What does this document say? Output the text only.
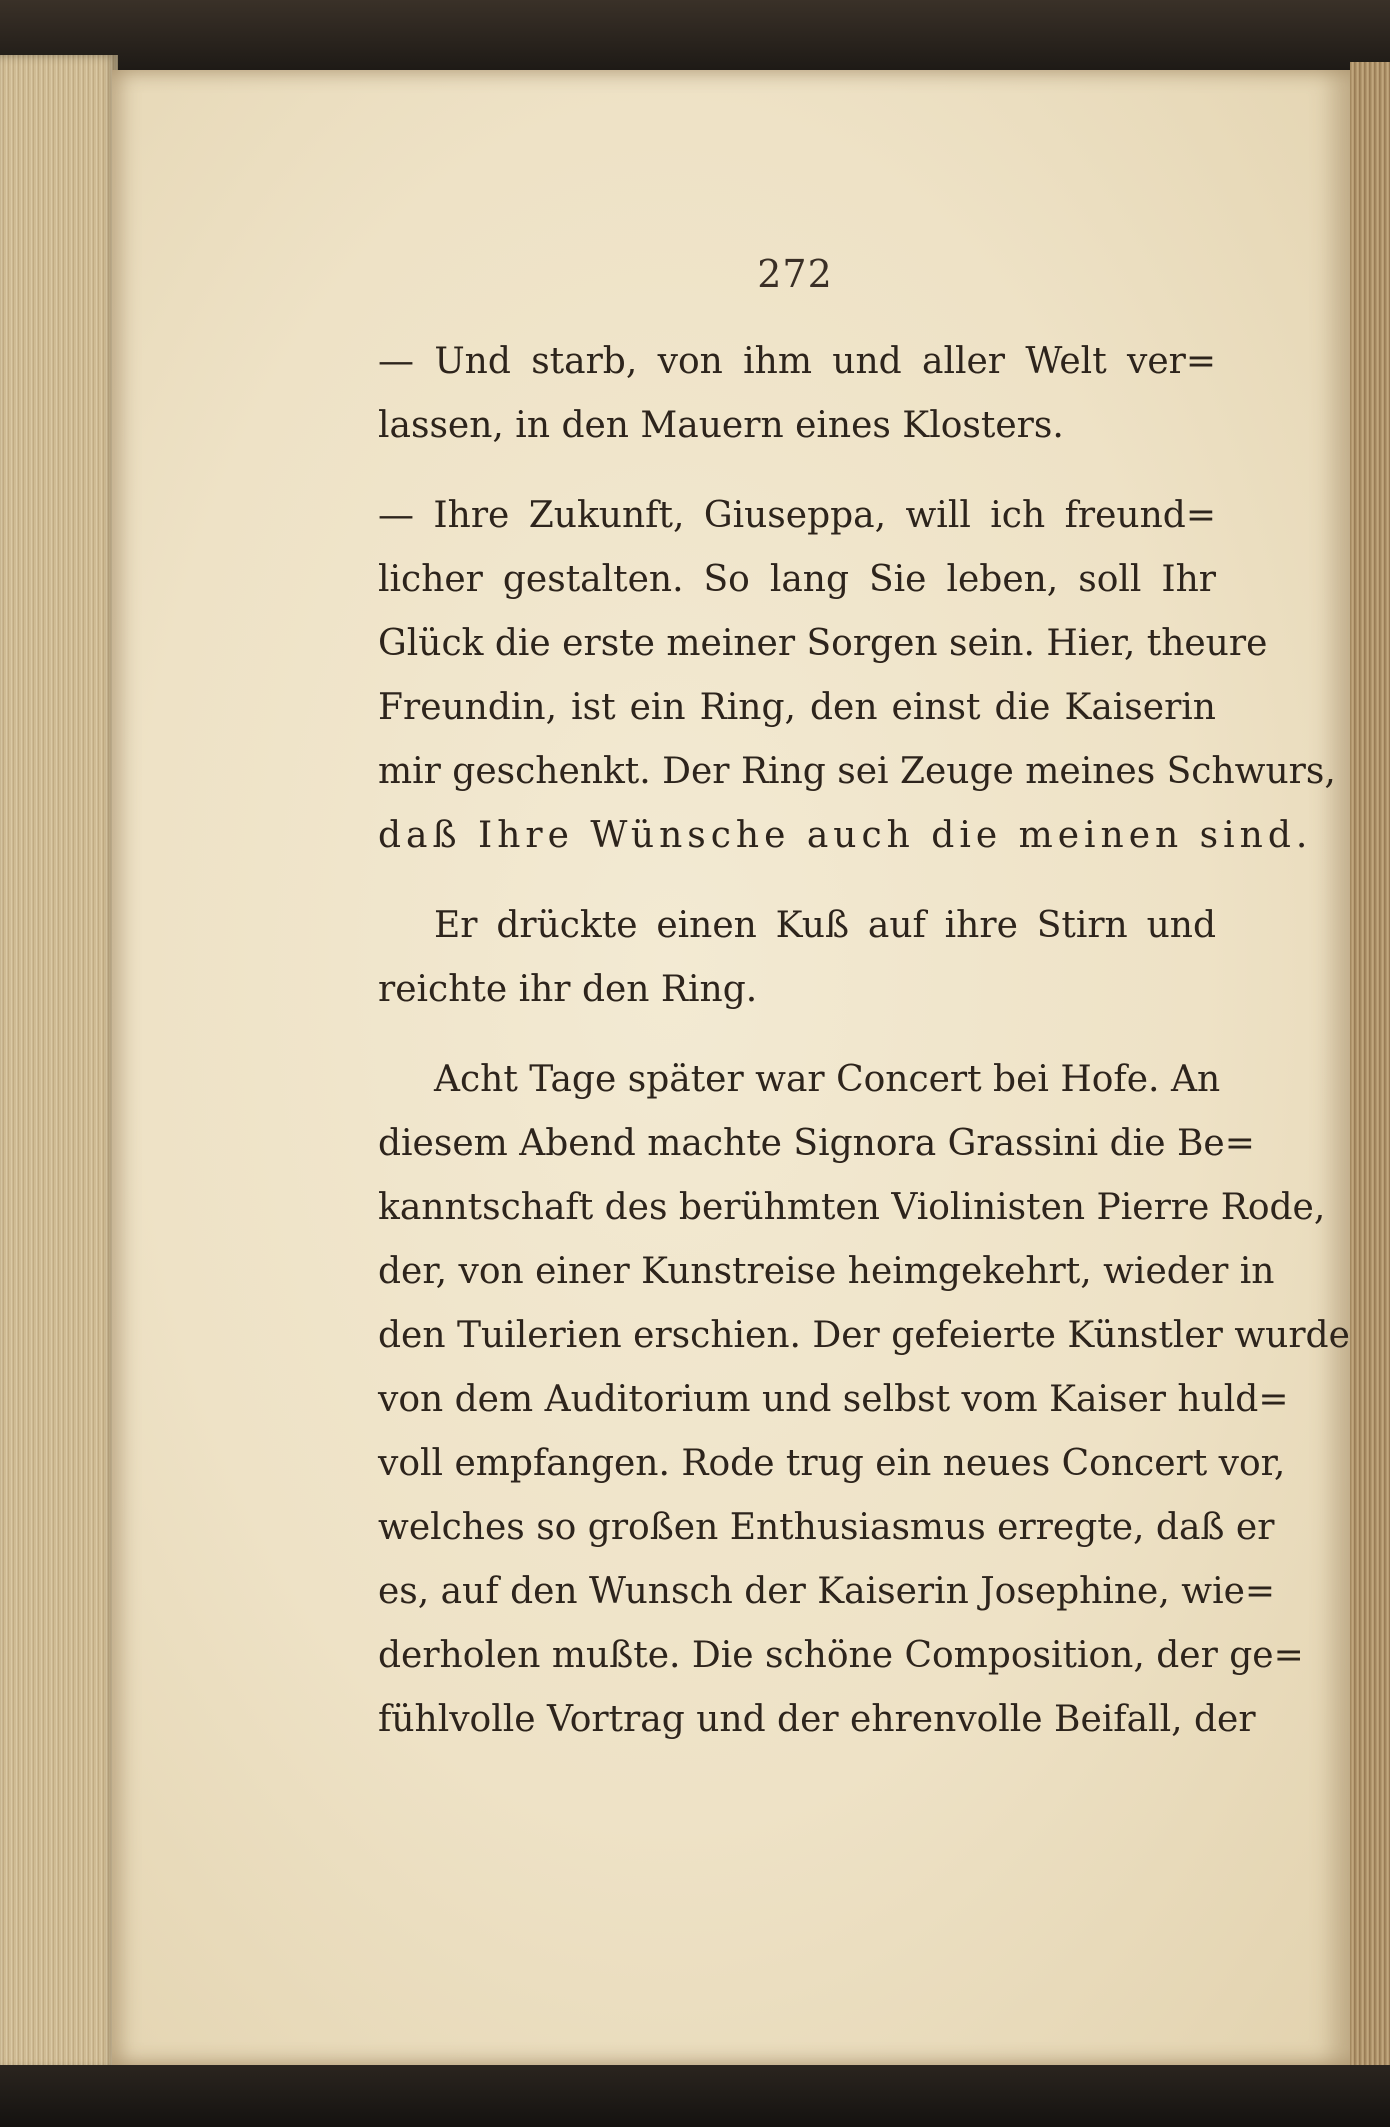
272

— Und starb, von ihm und aller Welt ver=
lassen, in den Mauern eines Klosters.

— Ihre Zukunft, Giuseppa, will ich freund=
licher gestalten. So lang Sie leben, soll Ihr
Glück die erste meiner Sorgen sein. Hier, theure
Freundin, ist ein Ring, den einst die Kaiserin
mir geschenkt. Der Ring sei Zeuge meines Schwurs,
daß Ihre Wünsche auch die meinen sind.

Er drückte einen Kuß auf ihre Stirn und
reichte ihr den Ring.

Acht Tage später war Concert bei Hofe. An
diesem Abend machte Signora Grassini die Be=
kanntschaft des berühmten Violinisten Pierre Rode,
der, von einer Kunstreise heimgekehrt, wieder in
den Tuilerien erschien. Der gefeierte Künstler wurde
von dem Auditorium und selbst vom Kaiser huld=
voll empfangen. Rode trug ein neues Concert vor,
welches so großen Enthusiasmus erregte, daß er
es, auf den Wunsch der Kaiserin Josephine, wie=
derholen mußte. Die schöne Composition, der ge=
fühlvolle Vortrag und der ehrenvolle Beifall, der
